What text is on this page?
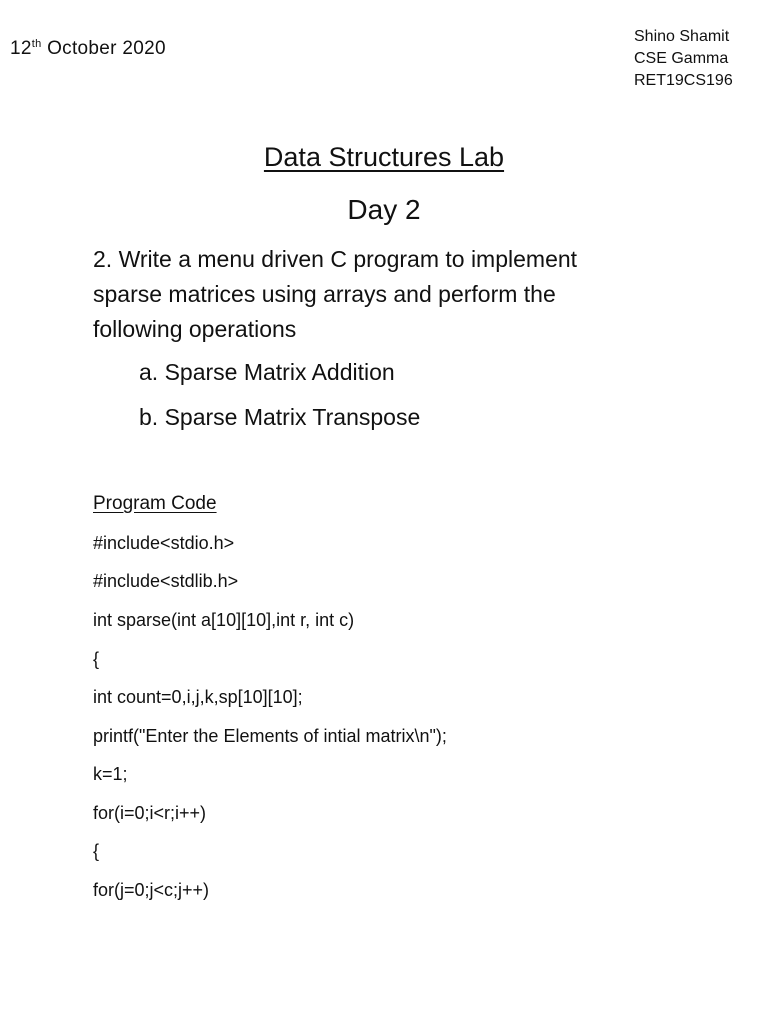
12th October 2020
Shino Shamit
CSE Gamma
RET19CS196
Data Structures Lab
Day 2
2. Write a menu driven C program to implement
sparse matrices using arrays and perform the
following operations
a. Sparse Matrix Addition
b. Sparse Matrix Transpose
Program Code
#include<stdio.h>
#include<stdlib.h>
int sparse(int a[10][10],int r, int c)
{
int count=0,i,j,k,sp[10][10];
printf("Enter the Elements of intial matrix\n");
k=1;
for(i=0;i<r;i++)
{
for(j=0;j<c;j++)
